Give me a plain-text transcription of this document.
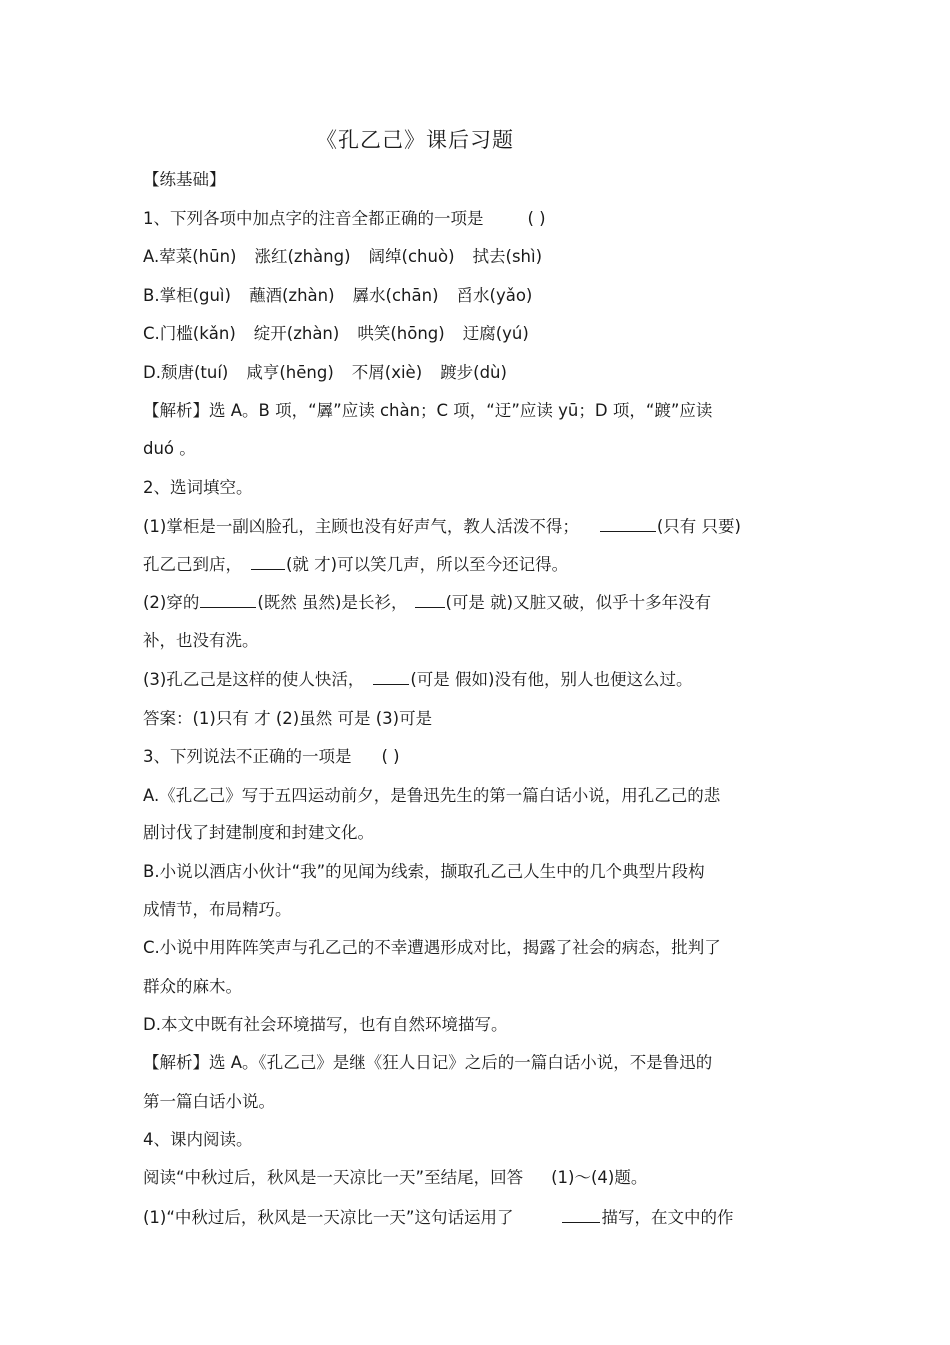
《孔乙己》课后习题
【练基础】
1、下列各项中加点字的注音全都正确的一项是	( )
A.荤菜(hūn) 涨红(zhàng) 阔绰(chuò) 拭去(shì)
B.掌柜(guì) 蘸酒(zhàn) 羼水(chān) 舀水(yǎo)
C.门槛(kǎn) 绽开(zhàn) 哄笑(hōng) 迂腐(yú)
D.颓唐(tuí) 咸亨(hēng) 不屑(xiè) 踱步(dù)
【解析】选 A。B 项，“羼”应读 chàn；C 项，“迂”应读 yū；D 项，“踱”应读
duó 。
2、选词填空。
(1)掌柜是一副凶脸孔，主顾也没有好声气，教人活泼不得；	(只有 只要)
孔乙己到店，	(就 才)可以笑几声，所以至今还记得。
(2)穿的	(既然 虽然)是长衫， (可是 就)又脏又破，似乎十多年没有
补，也没有洗。
(3)孔乙己是这样的使人快活，	(可是 假如)没有他，别人也便这么过。
答案：(1)只有 才 (2)虽然 可是 (3)可是
3、下列说法不正确的一项是 ( )
A.《孔乙己》写于五四运动前夕，是鲁迅先生的第一篇白话小说，用孔乙己的悲
剧讨伐了封建制度和封建文化。
B.小说以酒店小伙计“我”的见闻为线索，撷取孔乙己人生中的几个典型片段构
成情节，布局精巧。
C.小说中用阵阵笑声与孔乙己的不幸遭遇形成对比，揭露了社会的病态，批判了
群众的麻木。
D.本文中既有社会环境描写，也有自然环境描写。
【解析】选 A。《孔乙己》是继《狂人日记》之后的一篇白话小说，不是鲁迅的
第一篇白话小说。
4、课内阅读。
阅读“中秋过后，秋风是一天凉比一天”至结尾，回答 (1)～(4)题。
(1)“中秋过后，秋风是一天凉比一天”这句话运用了	描写，在文中的作
